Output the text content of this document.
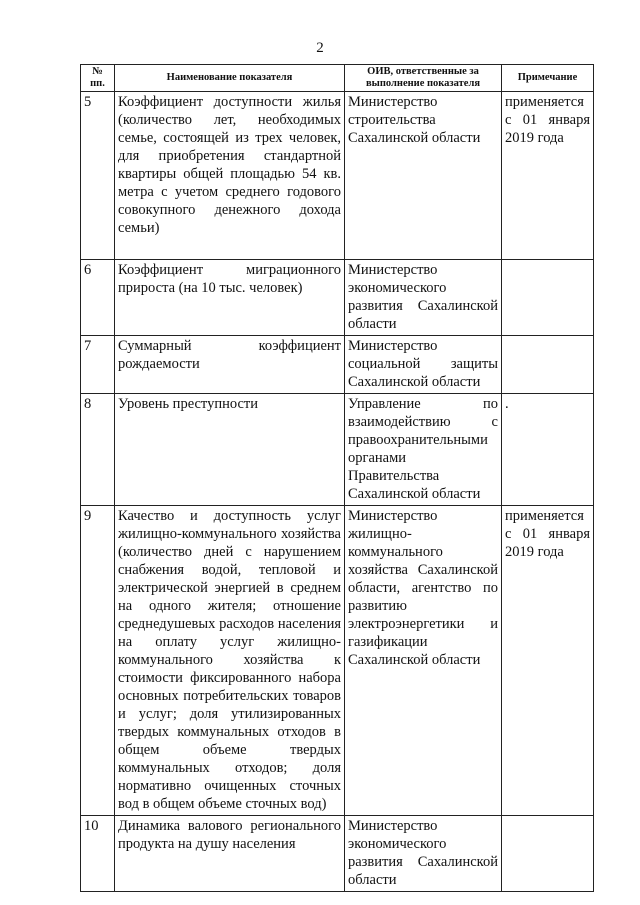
2
№ пп.	Наименование показателя	ОИВ, ответственные за выполнение показателя	Примечание
5	Коэффициент доступности жилья (количество лет, необходимых семье, состоящей из трех человек, для приобретения стандартной квартиры общей площадью 54 кв. метра с учетом среднего годового совокупного денежного дохода семьи)	Министерство строительства Сахалинской области	применяется с 01 января 2019 года
6	Коэффициент миграционного прироста (на 10 тыс. человек)	Министерство экономического развития Сахалинской области	
7	Суммарный коэффициент рождаемости	Министерство социальной защиты Сахалинской области	
8	Уровень преступности	Управление по взаимодействию с правоохранительными органами Правительства Сахалинской области	.
9	Качество и доступность услуг жилищно-коммунального хозяйства (количество дней с нарушением снабжения водой, тепловой и электрической энергией в среднем на одного жителя; отношение среднедушевых расходов населения на оплату услуг жилищно-коммунального хозяйства к стоимости фиксированного набора основных потребительских товаров и услуг; доля утилизированных твердых коммунальных отходов в общем объеме твердых коммунальных отходов; доля нормативно очищенных сточных вод в общем объеме сточных вод)	Министерство жилищно-коммунального хозяйства Сахалинской области, агентство по развитию электроэнергетики и газификации Сахалинской области	применяется с 01 января 2019 года
10	Динамика валового регионального продукта на душу населения	Министерство экономического развития Сахалинской области	
